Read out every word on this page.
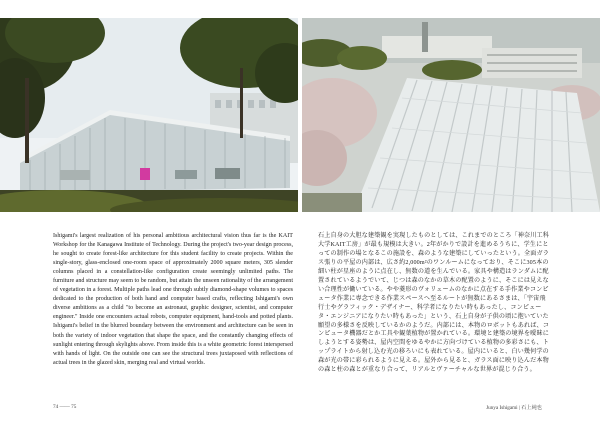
Ishigami's largest realization of his personal ambitious architectural vision thus far is the KAIT Workshop for the Kanagawa Institute of Technology. During the project's two-year design process, he sought to create forest-like architecture for this student facility to create projects. Within the single-story, glass-enclosed one-room space of approximately 2000 square meters, 305 slender columns placed in a constellation-like configuration create seemingly unlimited paths. The furniture and structure may seem to be random, but attain the unseen rationality of the arrangement of vegetation in a forest. Multiple paths lead one through subtly diamond-shape volumes to spaces dedicated to the production of both hand and computer based crafts, reflecting Ishigami's own diverse ambitions as a child "to become an astronaut, graphic designer, scientist, and computer engineer." Inside one encounters actual robots, computer equipment, hand-tools and potted plants. Ishigami's belief in the blurred boundary between the environment and architecture can be seen in both the variety of indoor vegetation that shape the space, and the constantly changing effects of sunlight entering through skylights above. From inside this is a white geometric forest interspersed with hands of light. On the outside one can see the structural trees juxtaposed with reflections of actual trees in the glazed skin, merging real and virtual worlds.
石上自身の大胆な建築観を実現したものとしては、これまでのところ「神奈川工科大学KAIT工房」が最も規模は大きい。2年がかりで設計を進めるうちに、学生にとっての制作の場となるこの施設を、森のような建築にしていったという。全面ガラス張りの平屋の内部は、広さ約2,000m²のワンルームになっており、そこに305本の細い柱が星座のように点在し、無数の道を生んでいる。家具や構造はランダムに配置されているようでいて、じつは森のなかの草木の配置のように、そこには見えない合理性が働いている。やや菱形のヴォリュームのなかに点在する手作業やコンピュータ作業に専念できる作業スペースへ至るルートが無数にあるさまは、「宇宙飛行士やグラフィック・デザイナー、科学者になりたい時もあったし、コンピュータ・エンジニアになりたい時もあった」という、石上自身が子供の頃に抱いていた願望の多様さを反映しているかのようだ。内部には、本物のロボットもあれば、コンピュータ機器だとか工具や観葉植物が置かれている。環境と建築の境界を曖昧にしようとする姿勢は、屋内空間をゆるやかに方向づけている植物の多彩さにも、トップライトから射し込む光の移ろいにも表れている。屋内にいると、白い幾何学の森が光の帯に彩られるように見える。屋外から見ると、ガラス面に映り込んだ本物の森と柱の森とが重なり合って、リアルとヴァーチャルな世界が混じり合う。
74 —— 75	Junya Ishigami | 石上純也
